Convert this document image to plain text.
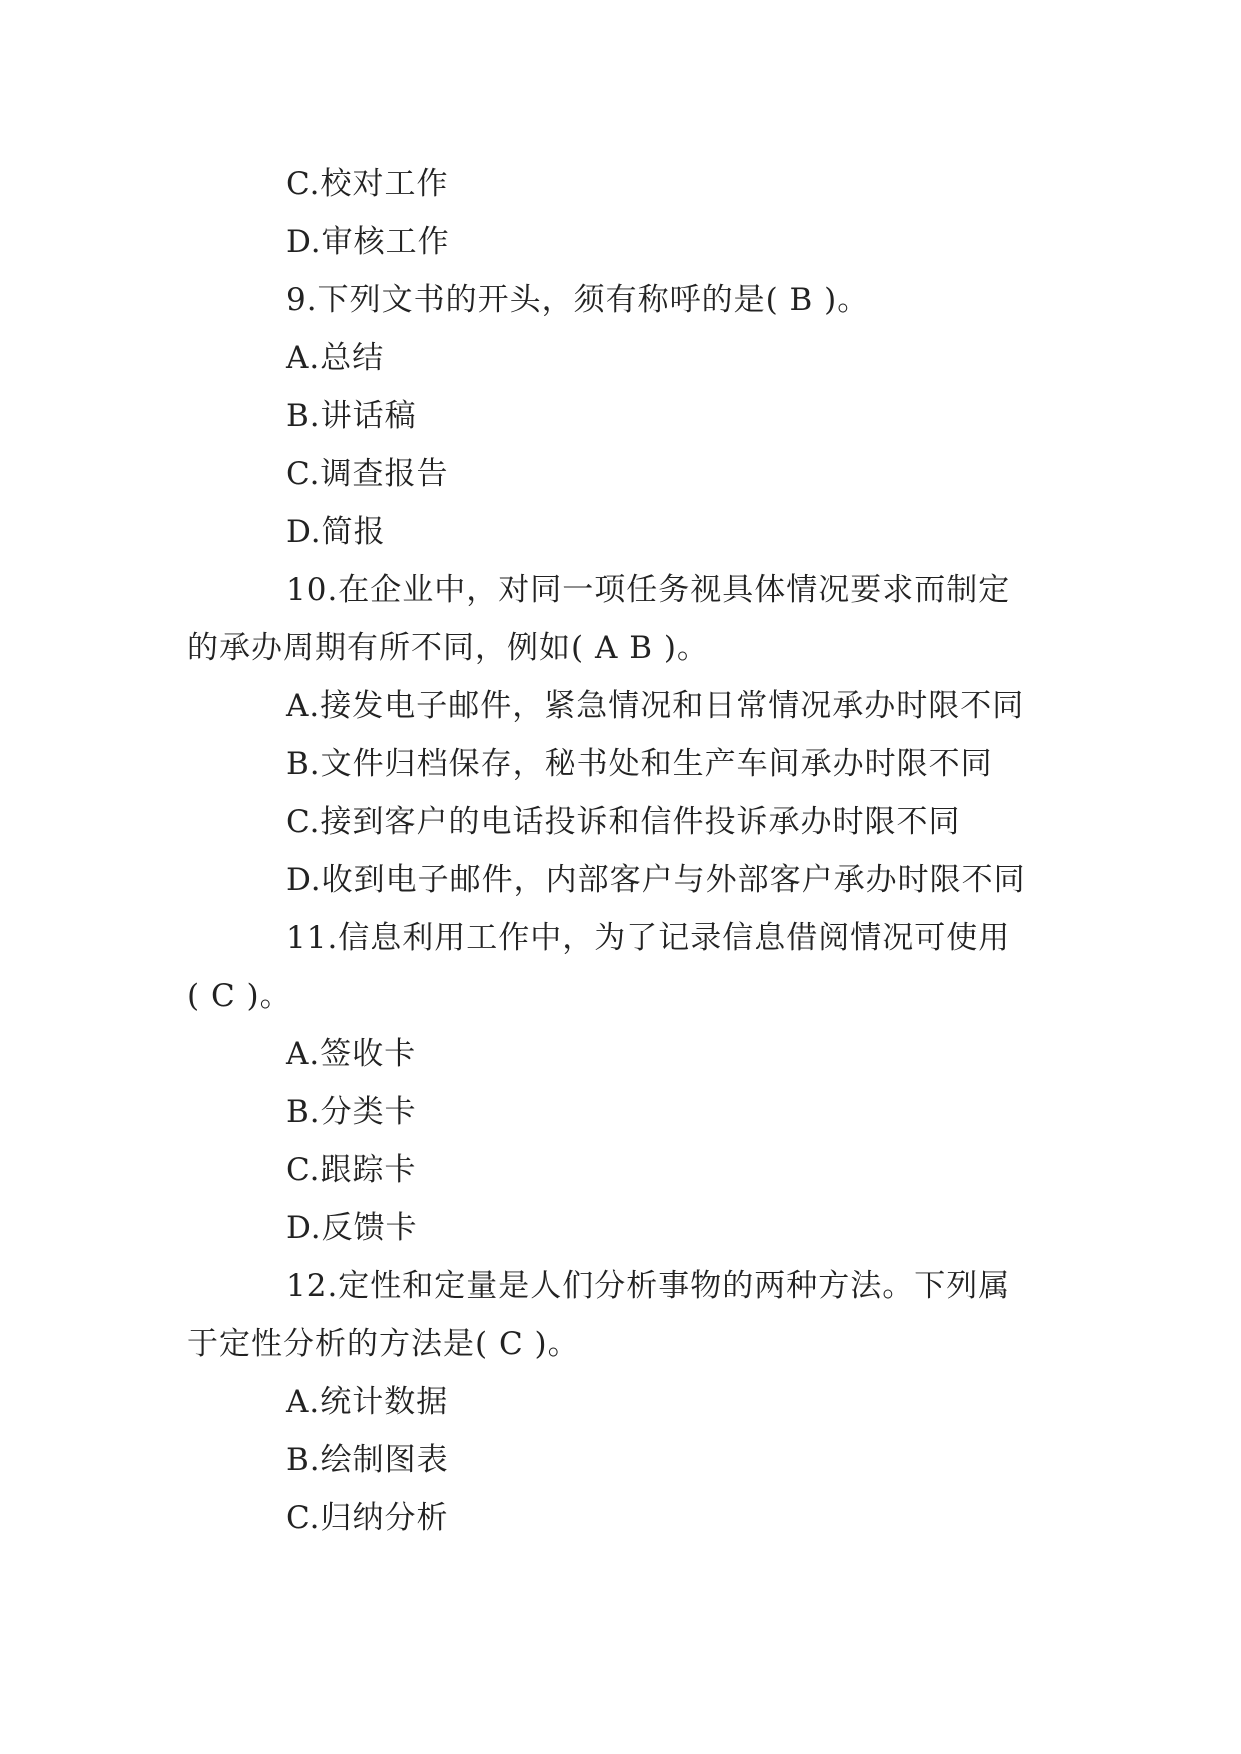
C.校对工作
D.审核工作
9.下列文书的开头，须有称呼的是( B )。
A.总结
B.讲话稿
C.调查报告
D.简报
10.在企业中，对同一项任务视具体情况要求而制定
的承办周期有所不同，例如( A B )。
A.接发电子邮件，紧急情况和日常情况承办时限不同
B.文件归档保存，秘书处和生产车间承办时限不同
C.接到客户的电话投诉和信件投诉承办时限不同
D.收到电子邮件，内部客户与外部客户承办时限不同
11.信息利用工作中，为了记录信息借阅情况可使用
( C )。
A.签收卡
B.分类卡
C.跟踪卡
D.反馈卡
12.定性和定量是人们分析事物的两种方法。下列属
于定性分析的方法是( C )。
A.统计数据
B.绘制图表
C.归纳分析
